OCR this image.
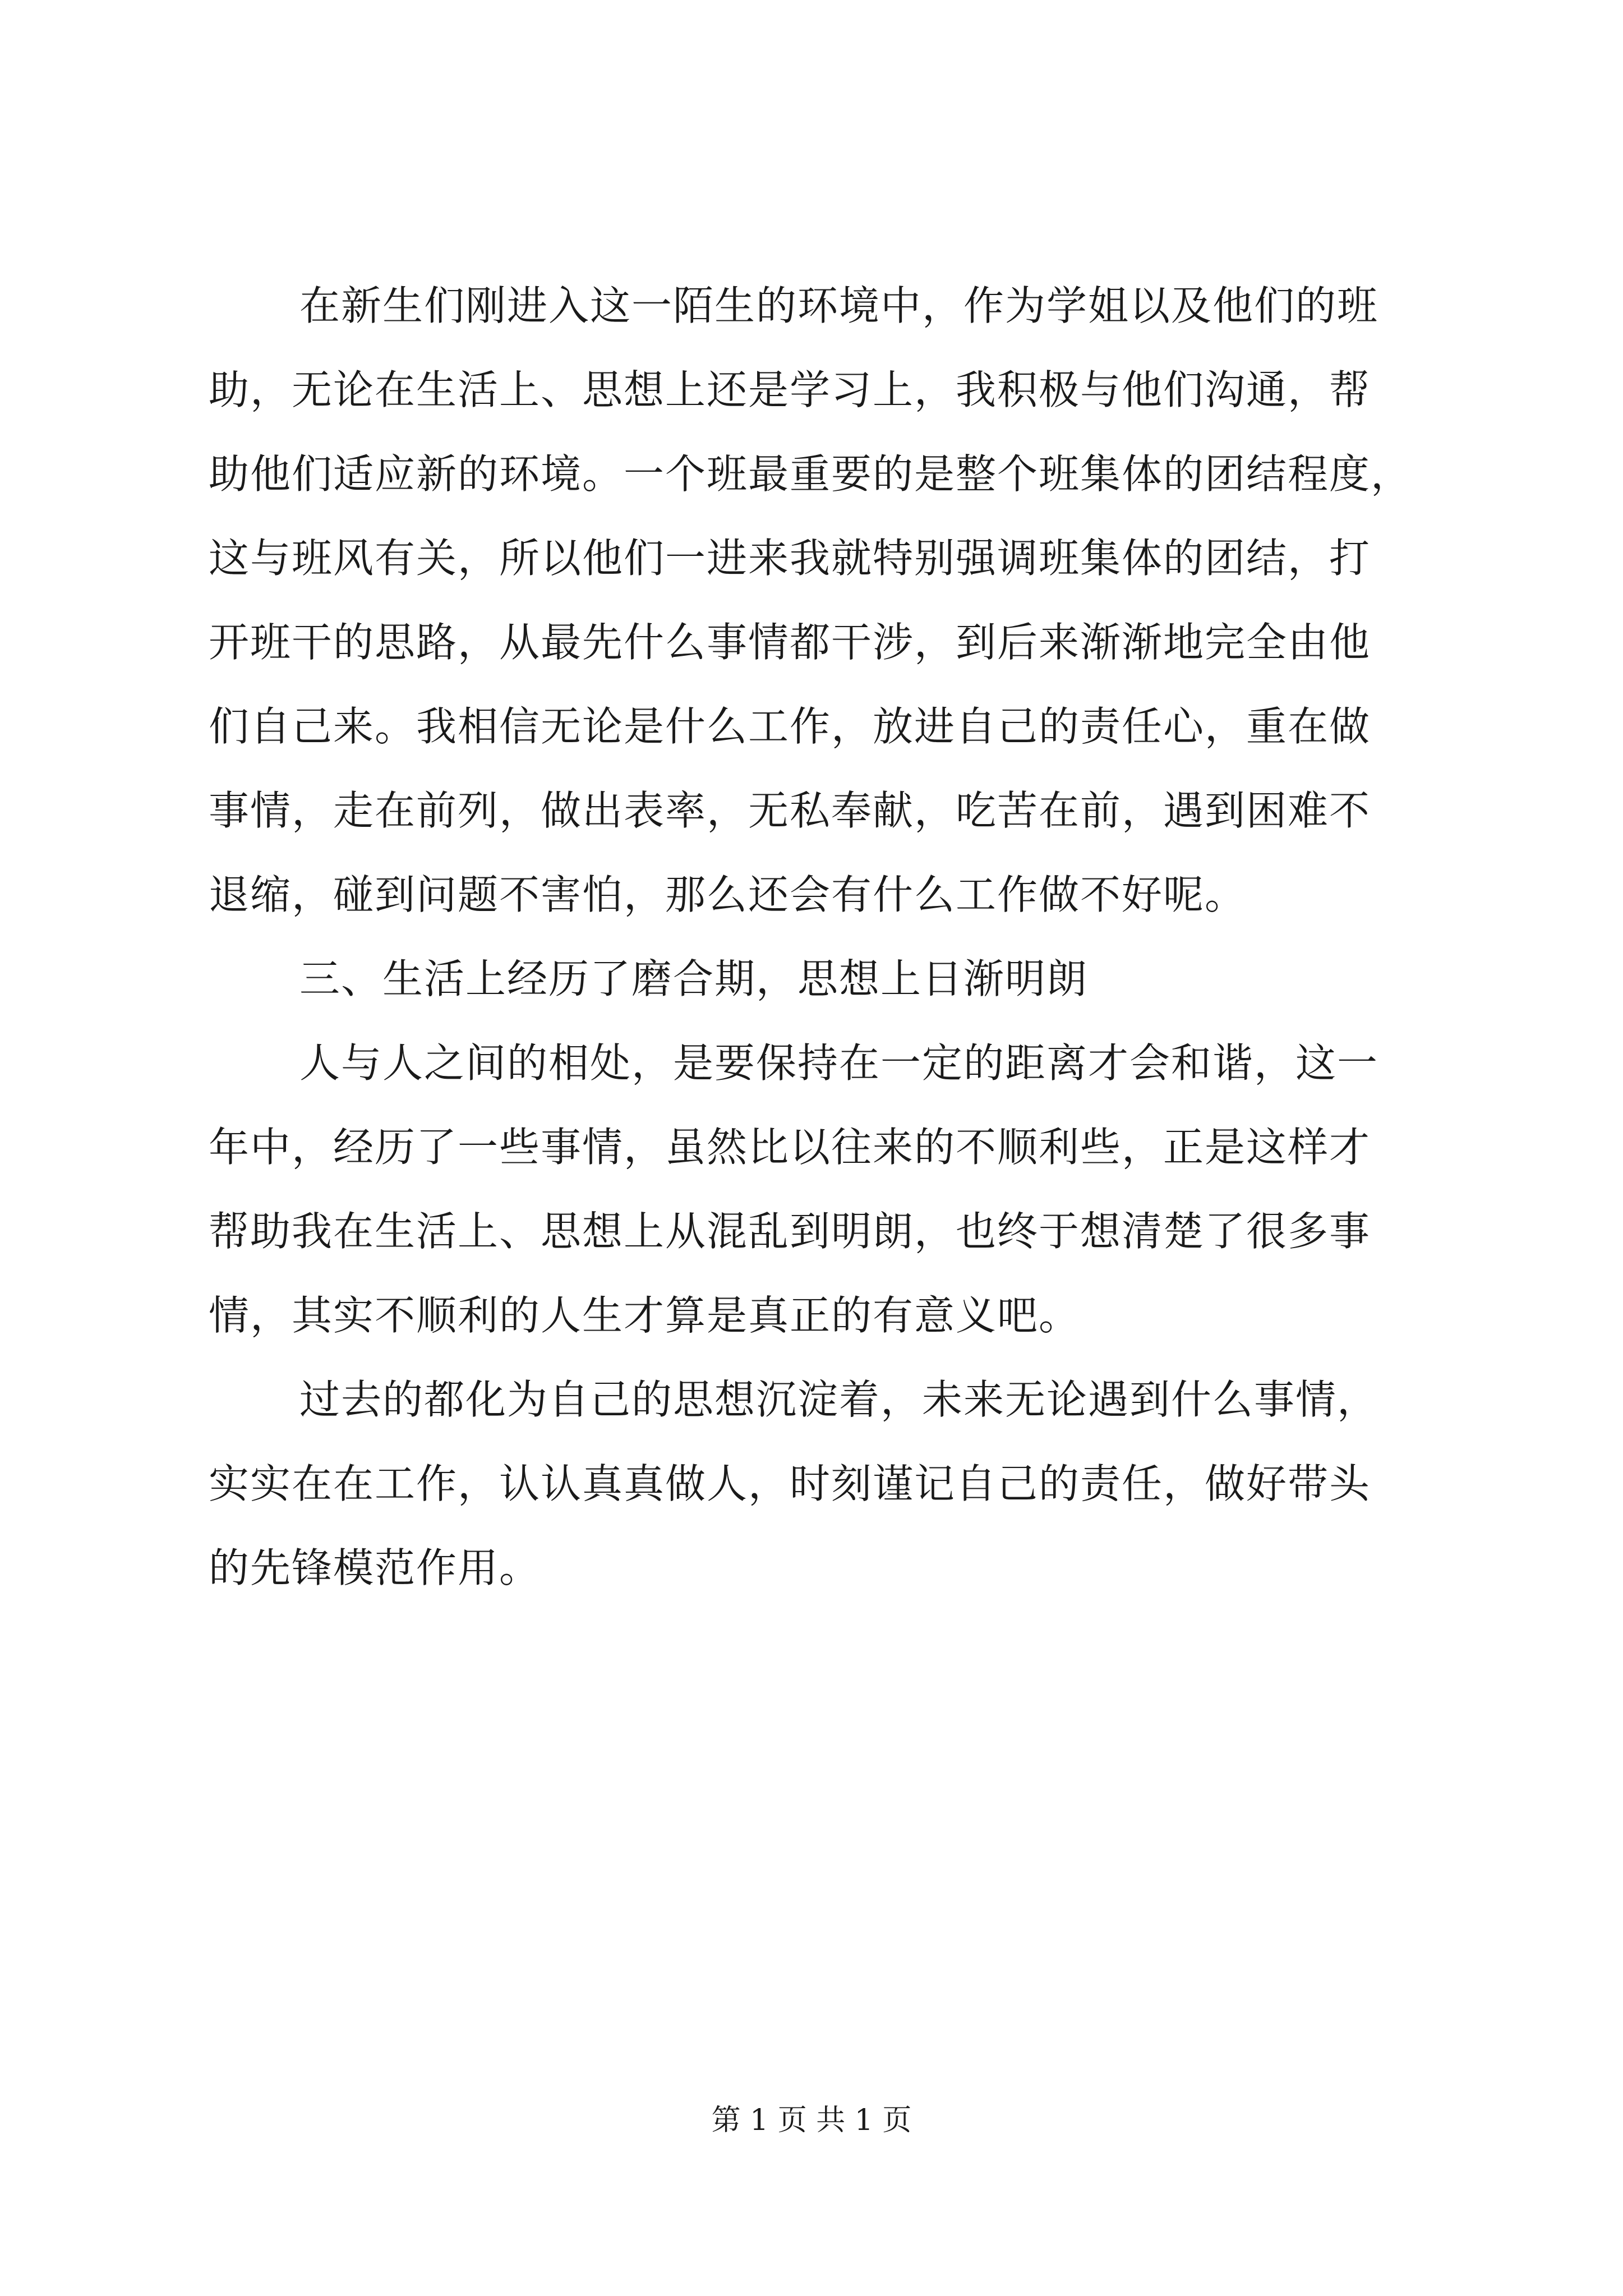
在新生们刚进入这一陌生的环境中，作为学姐以及他们的班
助，无论在生活上、思想上还是学习上，我积极与他们沟通，帮
助他们适应新的环境。一个班最重要的是整个班集体的团结程度，
这与班风有关，所以他们一进来我就特别强调班集体的团结，打
开班干的思路，从最先什么事情都干涉，到后来渐渐地完全由他
们自己来。我相信无论是什么工作，放进自己的责任心，重在做
事情，走在前列，做出表率，无私奉献，吃苦在前，遇到困难不
退缩，碰到问题不害怕，那么还会有什么工作做不好呢。
三、生活上经历了磨合期，思想上日渐明朗
人与人之间的相处，是要保持在一定的距离才会和谐，这一
年中，经历了一些事情，虽然比以往来的不顺利些，正是这样才
帮助我在生活上、思想上从混乱到明朗，也终于想清楚了很多事
情，其实不顺利的人生才算是真正的有意义吧。
过去的都化为自己的思想沉淀着，未来无论遇到什么事情，
实实在在工作，认认真真做人，时刻谨记自己的责任，做好带头
的先锋模范作用。
第 1 页 共 1 页
